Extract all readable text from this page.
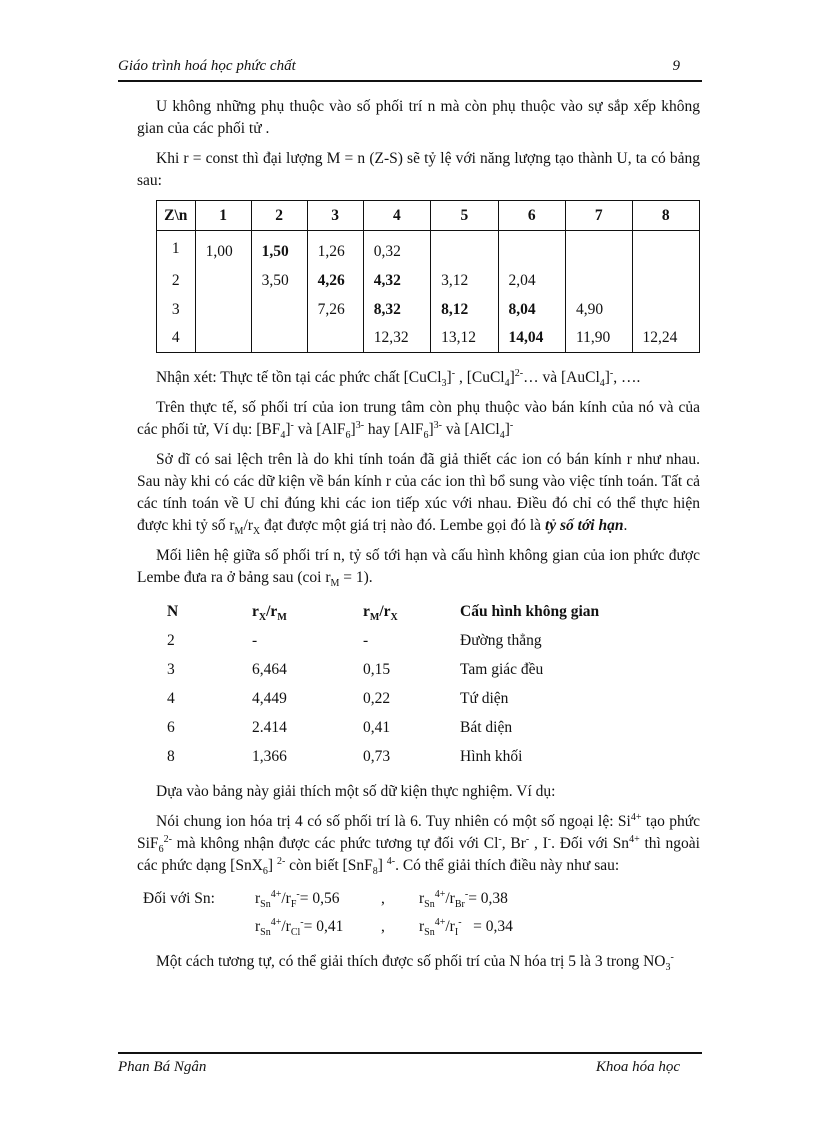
Giáo trình hoá học phức chất	9

U không những phụ thuộc vào số phối trí n mà còn phụ thuộc vào sự sắp xếp không gian của các phối tử .

Khi r = const thì đại lượng M = n (Z-S) sẽ tỷ lệ với năng lượng tạo thành U, ta có bảng sau:

Z\n	1	2	3	4	5	6	7	8
1	1,00	1,50	1,26	0,32				
2		3,50	4,26	4,32	3,12	2,04		
3			7,26	8,32	8,12	8,04	4,90	
4				12,32	13,12	14,04	11,90	12,24

Nhận xét: Thực tế tồn tại các phức chất [CuCl$_3$]- , [CuCl$_4$]$^{2-}$… và [AuCl$_4$]-, ….

Trên thực tế, số phối trí của ion trung tâm còn phụ thuộc vào bán kính của nó và của các phối tử, Ví dụ: $[BF_4]^-$ và $[AlF_6]^{3-}$ hay $[AlF_6]^{3-}$ và [AlCl$_4$]-

Sở dĩ có sai lệch trên là do khi tính toán đã giả thiết các ion có bán kính r như nhau. Sau này khi có các dữ kiện về bán kính r của các ion thì bổ sung vào việc tính toán. Tất cả các tính toán về U chỉ đúng khi các ion tiếp xúc với nhau. Điều đó chỉ có thể thực hiện được khi tỷ số $r_M/r_X$ đạt được một giá trị nào đó. Lembe gọi đó là tỷ số tới hạn.

Mối liên hệ giữa số phối trí n, tỷ số tới hạn và cấu hình không gian của ion phức được Lembe đưa ra ở bảng sau (coi $r_M = 1$).

N	$r_X/r_M$	$r_M/r_X$	Cấu hình không gian
2	-	-	Đường thẳng
3	6,464	0,15	Tam giác đều
4	4,449	0,22	Tứ diện
6	2.414	0,41	Bát diện
8	1,366	0,73	Hình khối

Dựa vào bảng này giải thích một số dữ kiện thực nghiệm. Ví dụ:

Nói chung ion hóa trị 4 có số phối trí là 6. Tuy nhiên có một số ngoại lệ: $Si^{4+}$ tạo phức SiF$_6^{2-}$ mà không nhận được các phức tương tự đối với Cl-, Br- , I-. Đối với $Sn^{4+}$ thì ngoài các phức dạng [SnX$_6$] $^{2-}$ còn biết [SnF$_8$] $^{4-}$. Có thể giải thích điều này như sau:

Đối với Sn:	$r_{Sn}^{4+}/r_F^-= 0,56$	, $r_{Sn}^{4+}/r_{Br}^-= 0,38$

$r_{Sn}^{4+}/r_{Cl}^-= 0,41$ , $r_{Sn}^{4+}/r_I^- = 0,34$

Một cách tương tự, có thể giải thích được số phối trí của N hóa trị 5 là 3 trong $NO_3^-$

Phan Bá Ngân	Khoa hóa học
